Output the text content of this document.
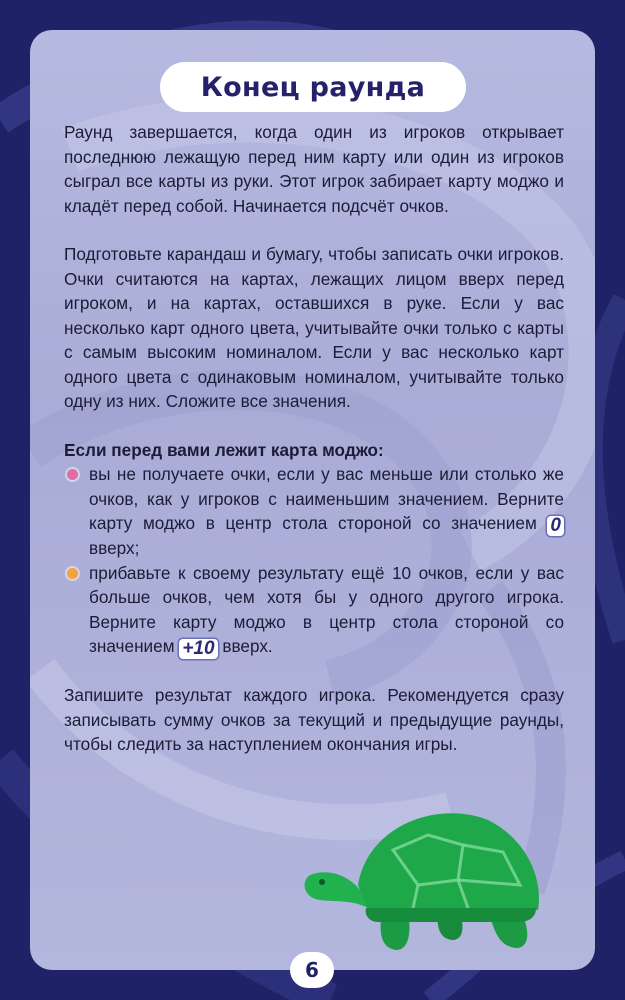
Конец раунда

Раунд завершается, когда один из игроков открывает последнюю лежащую перед ним карту или один из игроков сыграл все карты из руки. Этот игрок забирает карту моджо и кладёт перед собой. Начинается подсчёт очков.

Подготовьте карандаш и бумагу, чтобы записать очки игроков. Очки считаются на картах, лежащих лицом вверх перед игроком, и на картах, оставшихся в руке. Если у вас несколько карт одного цвета, учитывайте очки только с карты с самым высоким номиналом. Если у вас несколько карт одного цвета с одинаковым номиналом, учитывайте только одну из них. Сложите все значения.

Если перед вами лежит карта моджо:

вы не получаете очки, если у вас меньше или столько же очков, как у игроков с наименьшим значением. Верните карту моджо в центр стола стороной со значением 0 вверх;
прибавьте к своему результату ещё 10 очков, если у вас больше очков, чем хотя бы у одного другого игрока. Верните карту моджо в центр стола стороной со значением +10 вверх.

Запишите результат каждого игрока. Рекомендуется сразу записывать сумму очков за текущий и предыдущие раунды, чтобы следить за наступлением окончания игры.

6
